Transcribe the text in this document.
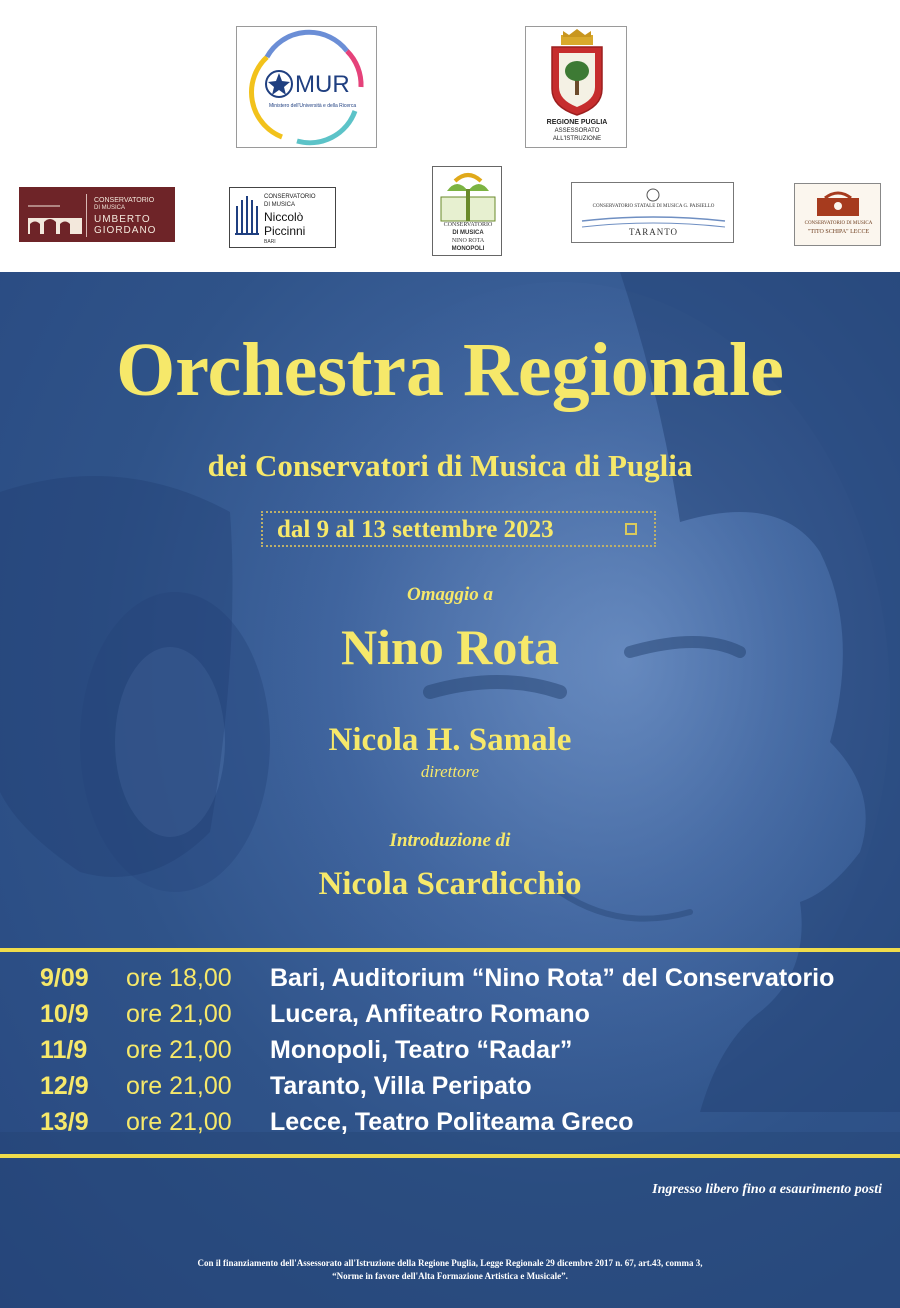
MUR
Ministero dell'Università e della Ricerca
REGIONE PUGLIA
ASSESSORATO
ALL'ISTRUZIONE
CONSERVATORIO
DI MUSICA
UMBERTO
GIORDANO
CONSERVATORIO
DI MUSICA
Niccolò
Piccinni
BARI
CONSERVATORIO
DI MUSICA
NINO ROTA
MONOPOLI
CONSERVATORIO STATALE DI MUSICA G. PAISIELLO
TARANTO
CONSERVATORIO DI MUSICA
"TITO SCHIPA" LECCE
Orchestra Regionale
dei Conservatori di Musica di Puglia
dal 9 al 13 settembre 2023
Omaggio a
Nino Rota
Nicola H. Samale
direttore
Introduzione di
Nicola Scardicchio
9/09 ore 18,00 Bari, Auditorium “Nino Rota” del Conservatorio
10/9 ore 21,00 Lucera, Anfiteatro Romano
11/9 ore 21,00 Monopoli, Teatro “Radar”
12/9 ore 21,00 Taranto, Villa Peripato
13/9 ore 21,00 Lecce, Teatro Politeama Greco
Ingresso libero fino a esaurimento posti
Con il finanziamento dell'Assessorato all'Istruzione della Regione Puglia, Legge Regionale 29 dicembre 2017 n. 67, art.43, comma 3,
“Norme in favore dell'Alta Formazione Artistica e Musicale”.
